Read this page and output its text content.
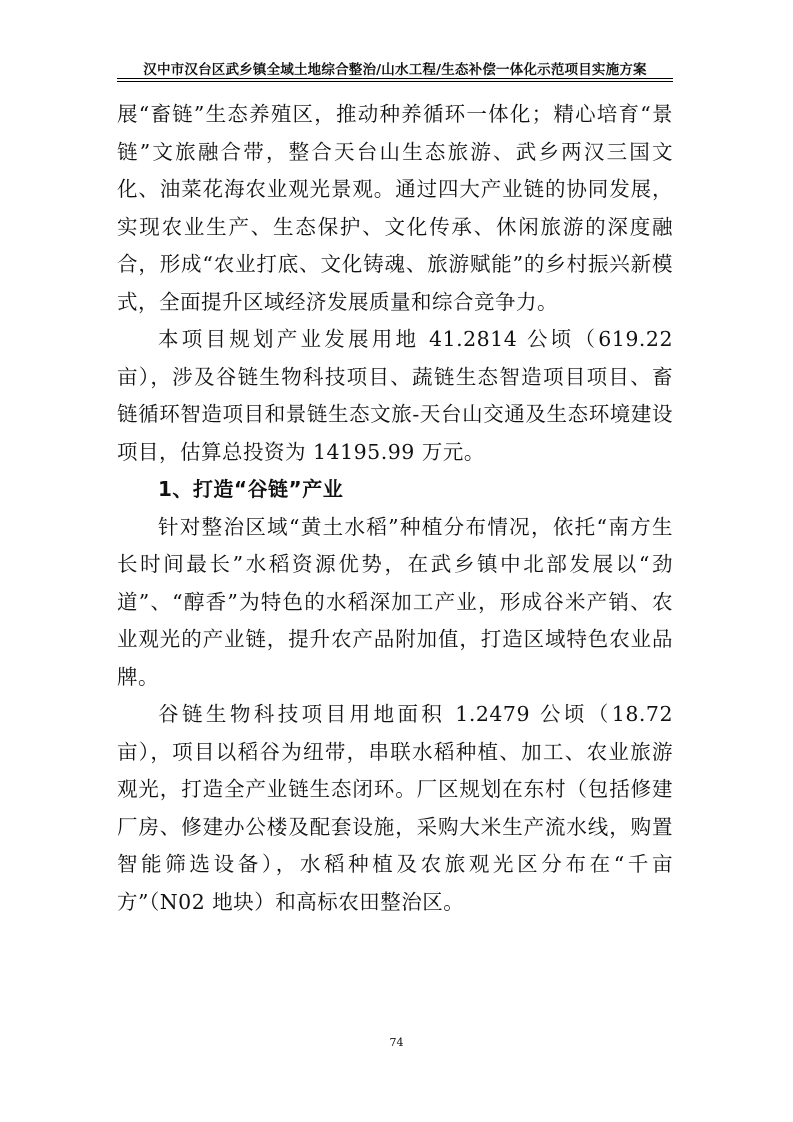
汉中市汉台区武乡镇全域土地综合整治/山水工程/生态补偿一体化示范项目实施方案

展“畜链”生态养殖区，推动种养循环一体化；精心培育“景链”文旅融合带，整合天台山生态旅游、武乡两汉三国文化、油菜花海农业观光景观。通过四大产业链的协同发展，实现农业生产、生态保护、文化传承、休闲旅游的深度融合，形成“农业打底、文化铸魂、旅游赋能”的乡村振兴新模式，全面提升区域经济发展质量和综合竞争力。

本项目规划产业发展用地 41.2814 公顷（619.22 亩），涉及谷链生物科技项目、蔬链生态智造项目项目、畜链循环智造项目和景链生态文旅-天台山交通及生态环境建设项目，估算总投资为 14195.99 万元。

1、打造“谷链”产业

针对整治区域“黄土水稻”种植分布情况，依托“南方生长时间最长”水稻资源优势，在武乡镇中北部发展以“劲道”、“醇香”为特色的水稻深加工产业，形成谷米产销、农业观光的产业链，提升农产品附加值，打造区域特色农业品牌。

谷链生物科技项目用地面积 1.2479 公顷（18.72 亩），项目以稻谷为纽带，串联水稻种植、加工、农业旅游观光，打造全产业链生态闭环。厂区规划在东村（包括修建厂房、修建办公楼及配套设施，采购大米生产流水线，购置智能筛选设备），水稻种植及农旅观光区分布在“千亩方”（N02 地块）和高标农田整治区。

74
